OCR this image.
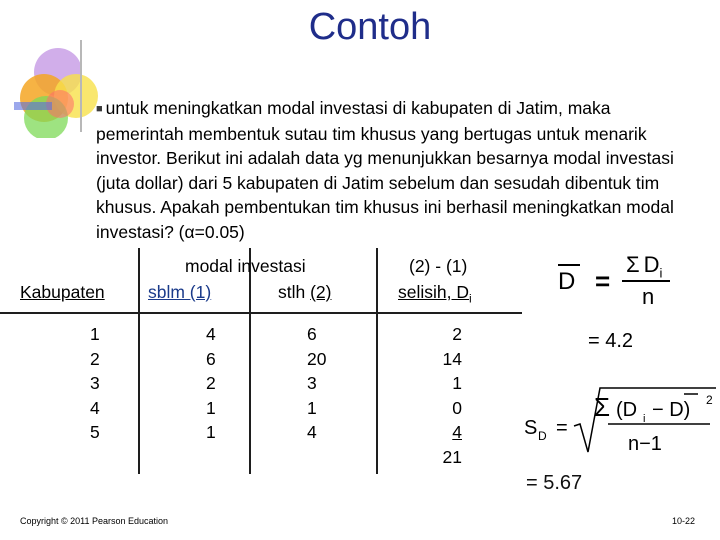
Contoh
■ untuk meningkatkan modal investasi di kabupaten di Jatim, maka pemerintah membentuk sutau tim khusus yang bertugas untuk menarik investor. Berikut ini adalah data yg menunjukkan besarnya modal investasi (juta dollar) dari 5 kabupaten di Jatim sebelum dan sesudah dibentuk tim khusus. Apakah pembentukan tim khusus ini berhasil meningkatkan modal investasi? (α=0.05)
Kabupaten
modal investasi
sblm (1)	stlh (2)
(2) - (1)
selisih, $D_i$
1
2
3
4
5
4
6
2
1
1
6
20
3
1
4
2
14
1
0
4
21
D =
Σ $D_i$
n
= 4.2
S D =
Σ (D i − D) 2
n−1
= 5.67
Copyright © 2011 Pearson Education	10-22
